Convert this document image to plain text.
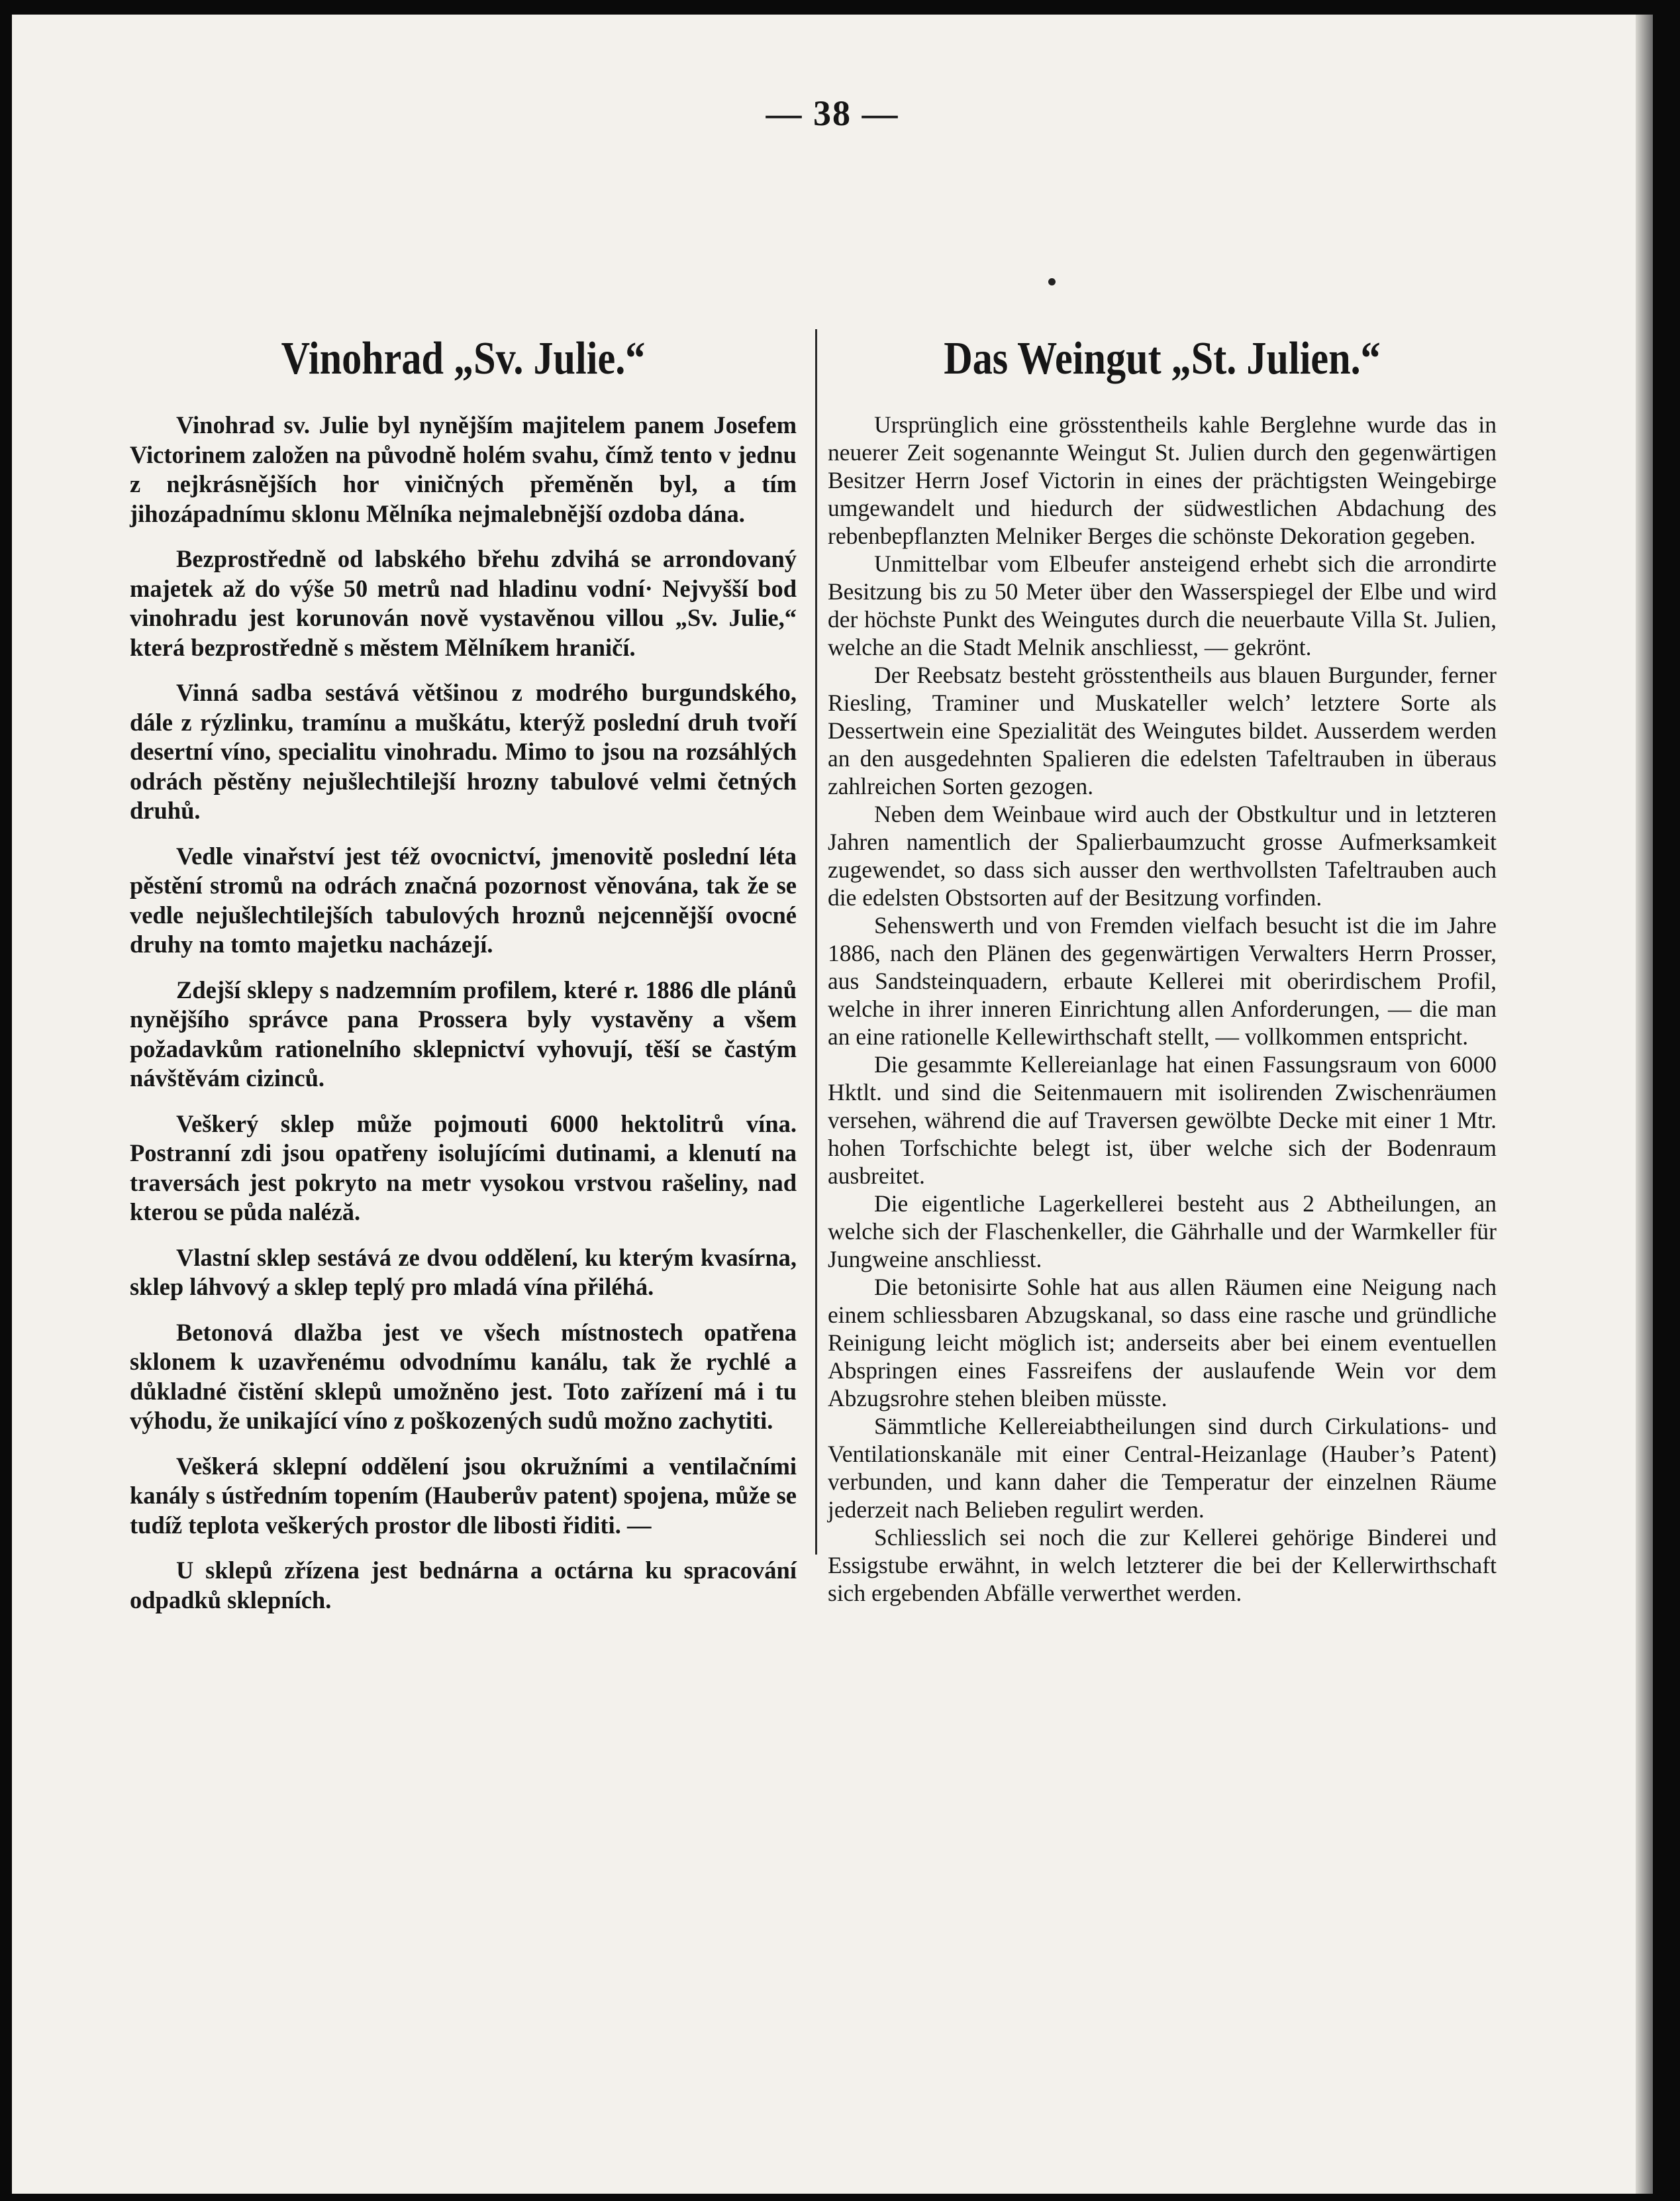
— 38 —
Vinohrad „Sv. Julie.“

Vinohrad sv. Julie byl nynějším majitelem panem Josefem Victorinem založen na původně holém svahu, čímž tento v jednu z nejkrásnějších hor viničných přeměněn byl, a tím jihozápadnímu sklonu Mělníka nejmalebnější ozdoba dána.

Bezprostředně od labského břehu zdvihá se arrondovaný majetek až do výše 50 metrů nad hladinu vodní· Nejvyšší bod vinohradu jest korunován nově vystavěnou villou „Sv. Julie,“ která bezprostředně s městem Mělníkem hraničí.

Vinná sadba sestává většinou z modrého burgundského, dále z rýzlinku, tramínu a muškátu, kterýž poslední druh tvoří desertní víno, specialitu vinohradu. Mimo to jsou na rozsáhlých odrách pěstěny nejušlechtilejší hrozny tabulové velmi četných druhů.

Vedle vinařství jest též ovocnictví, jmenovitě poslední léta pěstění stromů na odrách značná pozornost věnována, tak že se vedle nejušlechtilejších tabulových hroznů nejcennější ovocné druhy na tomto majetku nacházejí.

Zdejší sklepy s nadzemním profilem, které r. 1886 dle plánů nynějšího správce pana Prossera byly vystavěny a všem požadavkům rationelního sklepnictví vyhovují, těší se častým návštěvám cizinců.

Veškerý sklep může pojmouti 6000 hektolitrů vína. Postranní zdi jsou opatřeny isolujícími dutinami, a klenutí na traversách jest pokryto na metr vysokou vrstvou rašeliny, nad kterou se půda naléză.

Vlastní sklep sestává ze dvou oddělení, ku kterým kvasírna, sklep láhvový a sklep teplý pro mladá vína přiléhá.

Betonová dlažba jest ve všech místnostech opatřena sklonem k uzavřenému odvodnímu kanálu, tak že rychlé a důkladné čistění sklepů umožněno jest. Toto zařízení má i tu výhodu, že unikající víno z poškozených sudů možno zachytiti.

Veškerá sklepní oddělení jsou okružními a ventilačními kanály s ústředním topením (Hauberův patent) spojena, může se tudíž teplota veškerých prostor dle libosti řiditi. —

U sklepů zřízena jest bednárna a octárna ku spracování odpadků sklepních.

Das Weingut „St. Julien.“

Ursprünglich eine grösstentheils kahle Berglehne wurde das in neuerer Zeit sogenannte Weingut St. Julien durch den gegenwärtigen Besitzer Herrn Josef Victorin in eines der prächtigsten Weingebirge umgewandelt und hiedurch der südwestlichen Abdachung des rebenbepflanzten Melniker Berges die schönste Dekoration gegeben.

Unmittelbar vom Elbeufer ansteigend erhebt sich die arrondirte Besitzung bis zu 50 Meter über den Wasserspiegel der Elbe und wird der höchste Punkt des Weingutes durch die neuerbaute Villa St. Julien, welche an die Stadt Melnik anschliesst, — gekrönt.

Der Reebsatz besteht grösstentheils aus blauen Burgunder, ferner Riesling, Traminer und Muskateller welch’ letztere Sorte als Dessertwein eine Spezialität des Weingutes bildet. Ausserdem werden an den ausgedehnten Spalieren die edelsten Tafeltrauben in überaus zahlreichen Sorten gezogen.

Neben dem Weinbaue wird auch der Obstkultur und in letzteren Jahren namentlich der Spalierbaumzucht grosse Aufmerksamkeit zugewendet, so dass sich ausser den werthvollsten Tafeltrauben auch die edelsten Obstsorten auf der Besitzung vorfinden.

Sehenswerth und von Fremden vielfach besucht ist die im Jahre 1886, nach den Plänen des gegenwärtigen Verwalters Herrn Prosser, aus Sandsteinquadern, erbaute Kellerei mit oberirdischem Profil, welche in ihrer inneren Einrichtung allen Anforderungen, — die man an eine rationelle Kellewirthschaft stellt, — vollkommen entspricht.

Die gesammte Kellereianlage hat einen Fassungsraum von 6000 Hktlt. und sind die Seitenmauern mit isolirenden Zwischenräumen versehen, während die auf Traversen gewölbte Decke mit einer 1 Mtr. hohen Torfschichte belegt ist, über welche sich der Bodenraum ausbreitet.

Die eigentliche Lagerkellerei besteht aus 2 Abtheilungen, an welche sich der Flaschenkeller, die Gährhalle und der Warmkeller für Jungweine anschliesst.

Die betonisirte Sohle hat aus allen Räumen eine Neigung nach einem schliessbaren Abzugskanal, so dass eine rasche und gründliche Reinigung leicht möglich ist; anderseits aber bei einem eventuellen Abspringen eines Fassreifens der auslaufende Wein vor dem Abzugsrohre stehen bleiben müsste.

Sämmtliche Kellereiabtheilungen sind durch Cirkulations- und Ventilationskanäle mit einer Central-Heizanlage (Hauber’s Patent) verbunden, und kann daher die Temperatur der einzelnen Räume jederzeit nach Belieben regulirt werden.

Schliesslich sei noch die zur Kellerei gehörige Binderei und Essigstube erwähnt, in welch letzterer die bei der Kellerwirthschaft sich ergebenden Abfälle verwerthet werden.
